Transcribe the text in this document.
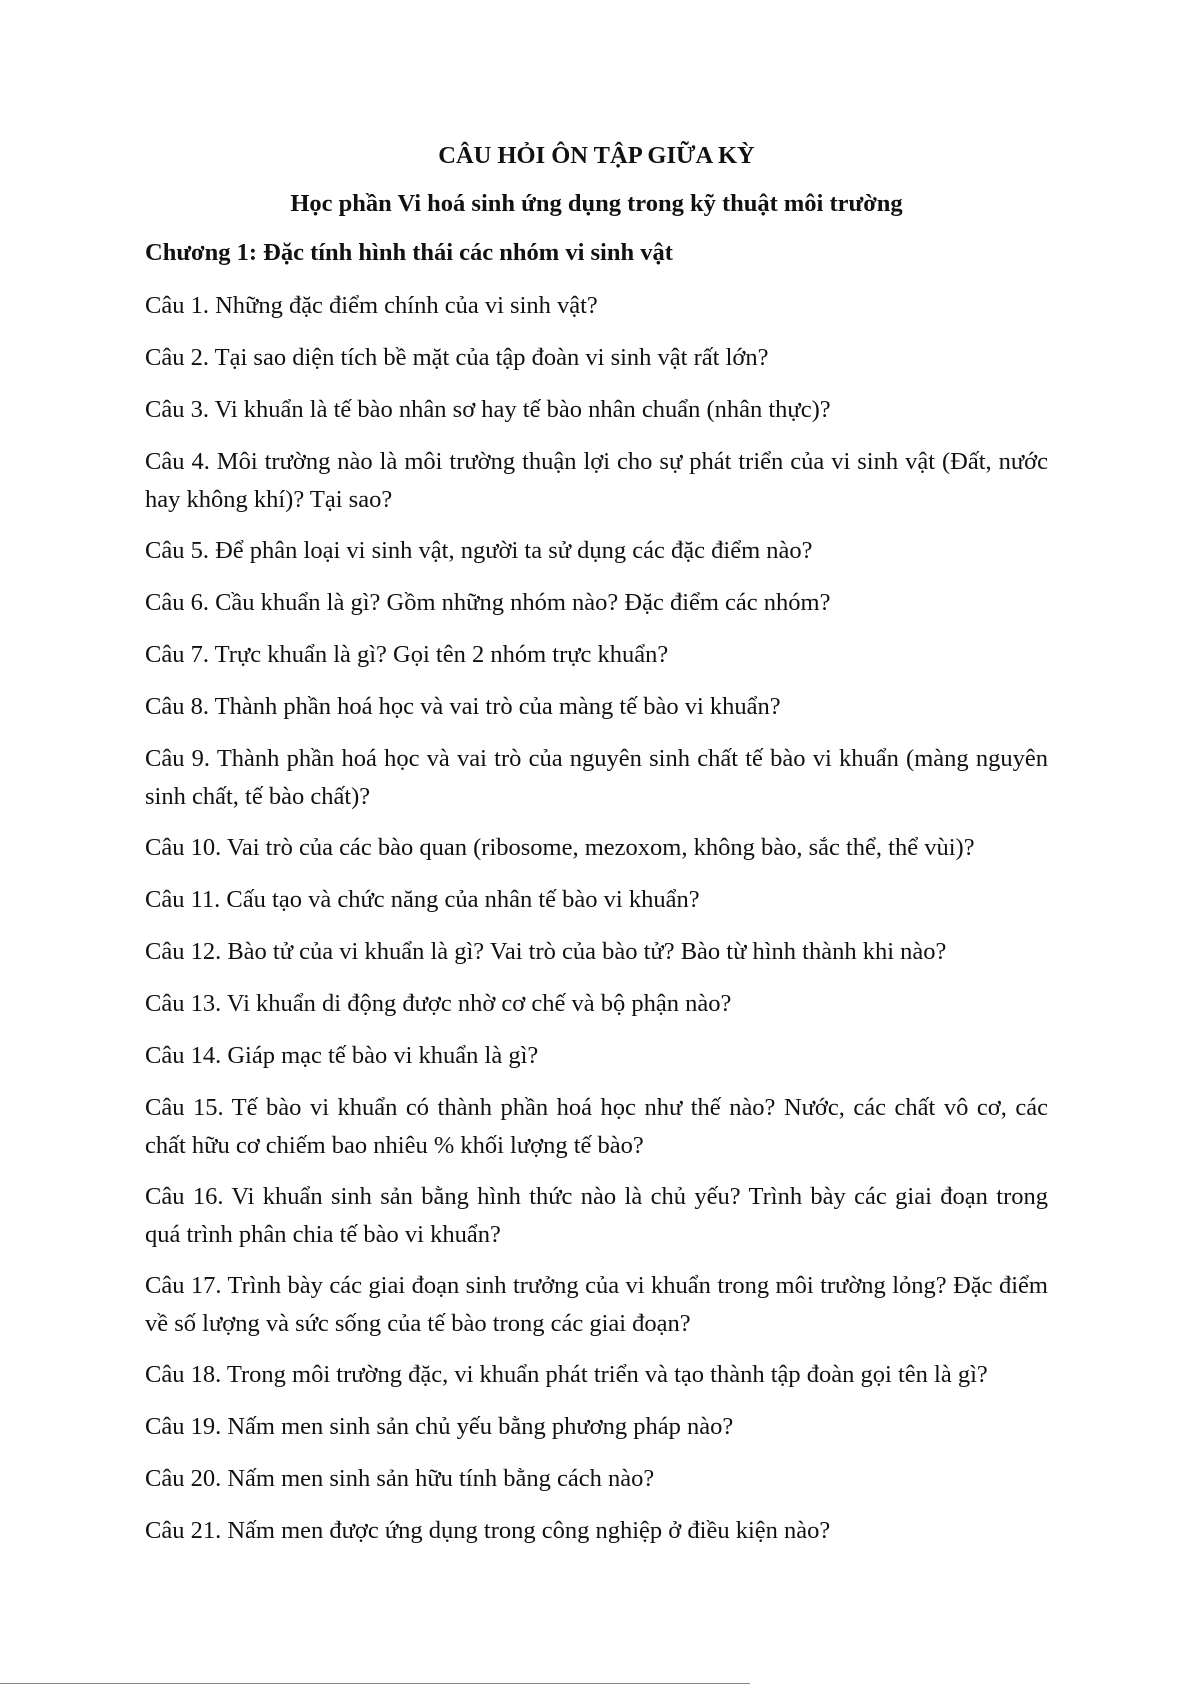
CÂU HỎI ÔN TẬP GIỮA KỲ
Học phần Vi hoá sinh ứng dụng trong kỹ thuật môi trường
Chương 1: Đặc tính hình thái các nhóm vi sinh vật

Câu 1. Những đặc điểm chính của vi sinh vật?

Câu 2. Tại sao diện tích bề mặt của tập đoàn vi sinh vật rất lớn?

Câu 3. Vi khuẩn là tế bào nhân sơ hay tế bào nhân chuẩn (nhân thực)?

Câu 4. Môi trường nào là môi trường thuận lợi cho sự phát triển của vi sinh vật (Đất, nước hay không khí)? Tại sao?

Câu 5. Để phân loại vi sinh vật, người ta sử dụng các đặc điểm nào?

Câu 6. Cầu khuẩn là gì? Gồm những nhóm nào? Đặc điểm các nhóm?

Câu 7. Trực khuẩn là gì? Gọi tên 2 nhóm trực khuẩn?

Câu 8. Thành phần hoá học và vai trò của màng tế bào vi khuẩn?

Câu 9. Thành phần hoá học và vai trò của nguyên sinh chất tế bào vi khuẩn (màng nguyên sinh chất, tế bào chất)?

Câu 10. Vai trò của các bào quan (ribosome, mezoxom, không bào, sắc thể, thể vùi)?

Câu 11. Cấu tạo và chức năng của nhân tế bào vi khuẩn?

Câu 12. Bào tử của vi khuẩn là gì? Vai trò của bào tử? Bào từ hình thành khi nào?

Câu 13. Vi khuẩn di động được nhờ cơ chế và bộ phận nào?

Câu 14. Giáp mạc tế bào vi khuẩn là gì?

Câu 15. Tế bào vi khuẩn có thành phần hoá học như thế nào? Nước, các chất vô cơ, các chất hữu cơ chiếm bao nhiêu % khối lượng tế bào?

Câu 16. Vi khuẩn sinh sản bằng hình thức nào là chủ yếu? Trình bày các giai đoạn trong quá trình phân chia tế bào vi khuẩn?

Câu 17. Trình bày các giai đoạn sinh trưởng của vi khuẩn trong môi trường lỏng? Đặc điểm về số lượng và sức sống của tế bào trong các giai đoạn?

Câu 18. Trong môi trường đặc, vi khuẩn phát triển và tạo thành tập đoàn gọi tên là gì?

Câu 19. Nấm men sinh sản chủ yếu bằng phương pháp nào?

Câu 20. Nấm men sinh sản hữu tính bằng cách nào?

Câu 21. Nấm men được ứng dụng trong công nghiệp ở điều kiện nào?
